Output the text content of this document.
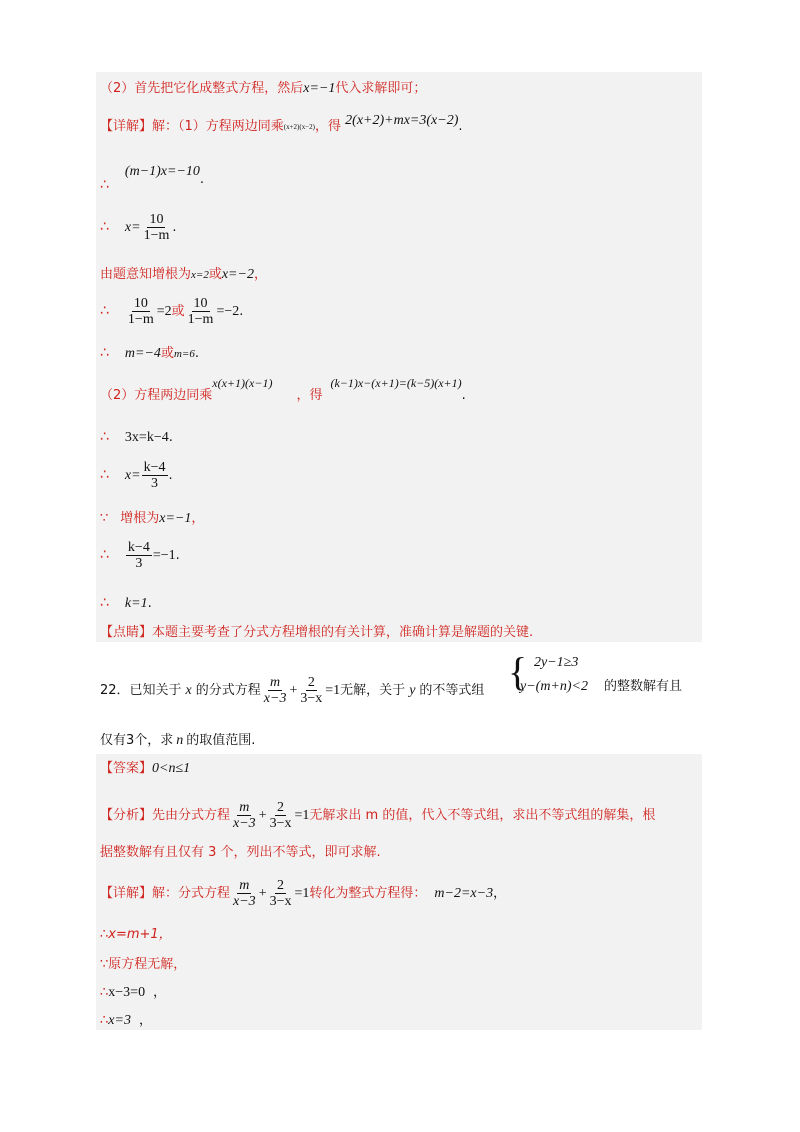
（2）首先把它化成整式方程，然后x=−1代入求解即可；
【详解】解：（1）方程两边同乘$^{(x+2)(x-2)}$，得 2(x+2)+mx=3(x−2).
∴(m−1)x=−10.
∴ $x= \frac{10}{1-m}$ .
由题意知增根为x=2或x=−2，
∴ $\frac{10}{1-m} =2$或 $\frac{10}{1-m} =-2$.
∴ m=−4或m=6.
（2）方程两边同乘x(x+1)(x−1)，得(k−1)x−(x+1)=(k−5)(x+1).
∴ 3x=k−4.
∴ $x= \frac{k-4}{3}$ .
∵ 增根为x=−1，
∴ $\frac{k-4}{3} =-1$.
∴ k=1.
【点睛】本题主要考查了分式方程增根的有关计算，准确计算是解题的关键.
22．已知关于 x 的分式方程 $\frac{m}{x-3} + \frac{2}{3-x} =1$无解，关于 y 的不等式组 { 2y−1≥3
y−(m+n)<2 的整数解有且
仅有3个，求 n 的取值范围.
【答案】0<n≤1
【分析】先由分式方程 $\frac{m}{x-3} + \frac{2}{3-x} =1$无解求出 m 的值，代入不等式组，求出不等式组的解集，根
据整数解有且仅有 3 个，列出不等式，即可求解.
【详解】解：分式方程 $\frac{m}{x-3} + \frac{2}{3-x} =1$转化为整式方程得： m−2=x−3，
∴x=m+1，
∵原方程无解，
∴x−3=0 ，
∴x=3 ，
